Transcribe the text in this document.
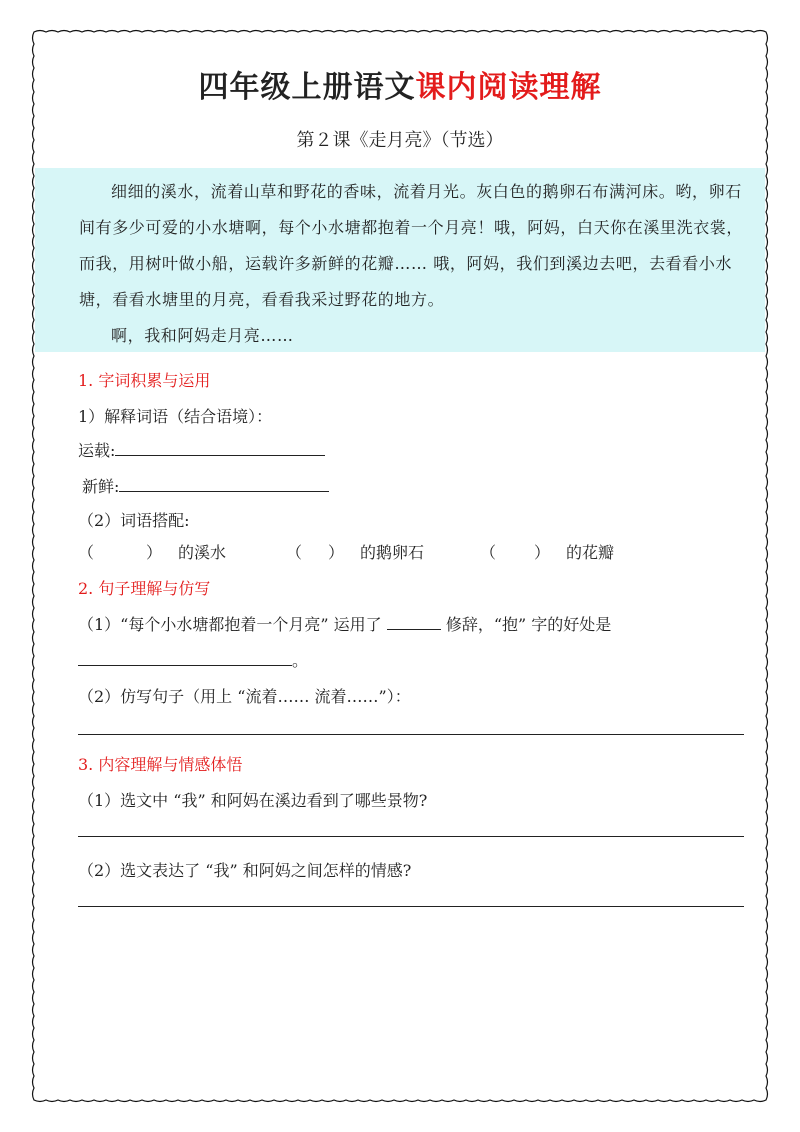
四年级上册语文课内阅读理解
第２课《走月亮》（节选）

细细的溪水，流着山草和野花的香味，流着月光。灰白色的鹅卵石布满河床。哟，卵石间有多少可爱的小水塘啊，每个小水塘都抱着一个月亮！哦，阿妈，白天你在溪里洗衣裳，而我，用树叶做小船，运载许多新鲜的花瓣…… 哦，阿妈，我们到溪边去吧，去看看小水塘，看看水塘里的月亮，看看我采过野花的地方。

啊，我和阿妈走月亮……

1. 字词积累与运用
1）解释词语（结合语境）：
运载:
新鲜:
（2）词语搭配:
（	） 的溪水	（ ） 的鹅卵石	（ ） 的花瓣
2. 句子理解与仿写
（1）“每个小水塘都抱着一个月亮” 运用了	修辞，“抱” 字的好处是
。
（2）仿写句子（用上 “流着…… 流着……”）：
3. 内容理解与情感体悟
（1）选文中 “我” 和阿妈在溪边看到了哪些景物?
（2）选文表达了 “我” 和阿妈之间怎样的情感?
